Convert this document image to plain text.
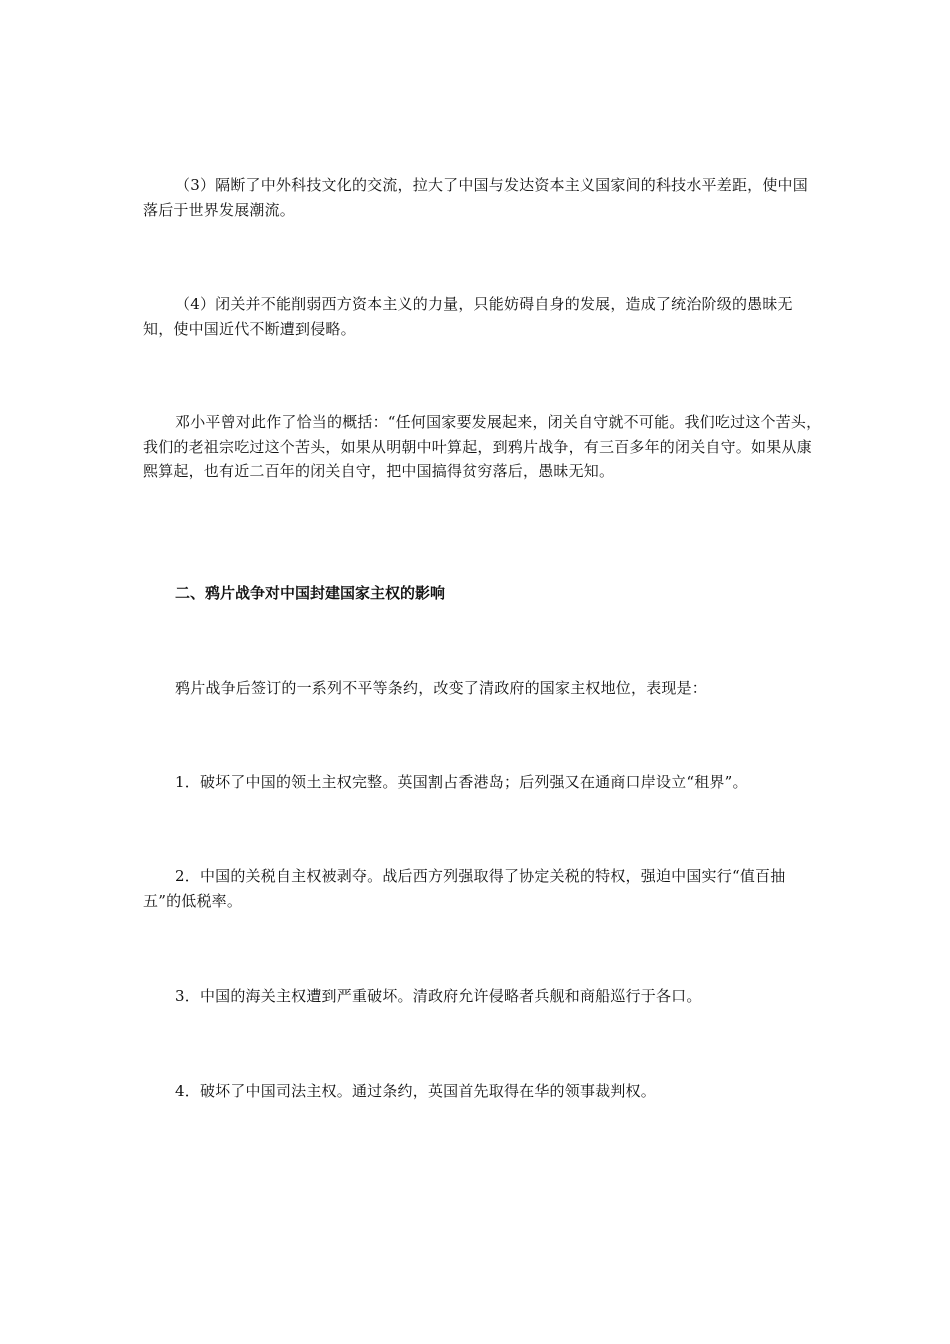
（3）隔断了中外科技文化的交流，拉大了中国与发达资本主义国家间的科技水平差距，使中国落后于世界发展潮流。

（4）闭关并不能削弱西方资本主义的力量，只能妨碍自身的发展，造成了统治阶级的愚昧无知，使中国近代不断遭到侵略。

邓小平曾对此作了恰当的概括：“任何国家要发展起来，闭关自守就不可能。我们吃过这个苦头，我们的老祖宗吃过这个苦头，如果从明朝中叶算起，到鸦片战争，有三百多年的闭关自守。如果从康熙算起，也有近二百年的闭关自守，把中国搞得贫穷落后，愚昧无知。

二、鸦片战争对中国封建国家主权的影响

鸦片战争后签订的一系列不平等条约，改变了清政府的国家主权地位，表现是：

1．破坏了中国的领土主权完整。英国割占香港岛；后列强又在通商口岸设立“租界”。

2．中国的关税自主权被剥夺。战后西方列强取得了协定关税的特权，强迫中国实行“值百抽五”的低税率。

3．中国的海关主权遭到严重破坏。清政府允许侵略者兵舰和商船巡行于各口。

4．破坏了中国司法主权。通过条约，英国首先取得在华的领事裁判权。
